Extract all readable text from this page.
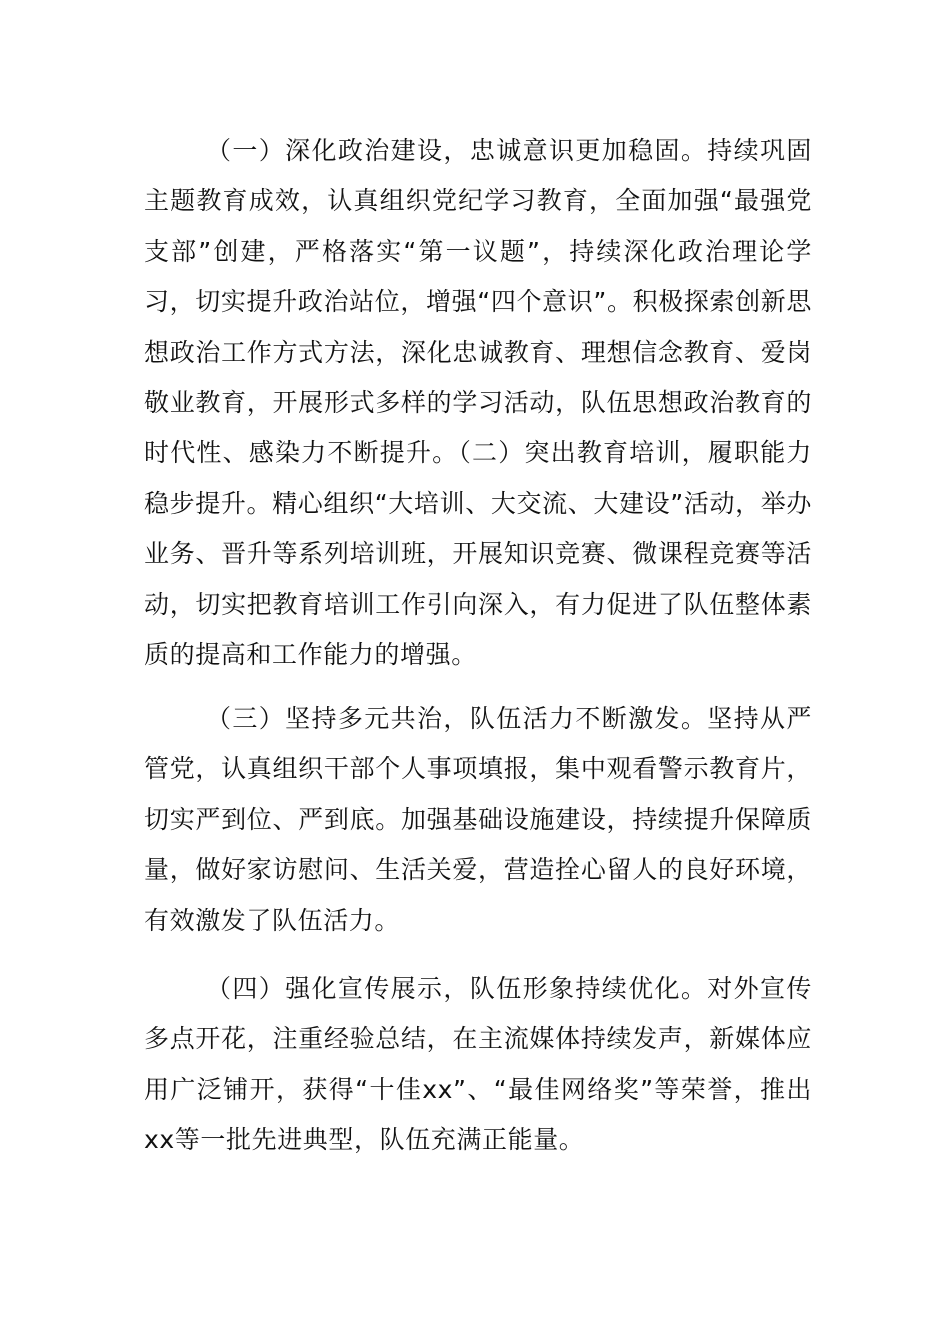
（一）深化政治建设，忠诚意识更加稳固。持续巩固主题教育成效，认真组织党纪学习教育，全面加强“最强党支部”创建，严格落实“第一议题”，持续深化政治理论学习，切实提升政治站位，增强“四个意识”。积极探索创新思想政治工作方式方法，深化忠诚教育、理想信念教育、爱岗敬业教育，开展形式多样的学习活动，队伍思想政治教育的时代性、感染力不断提升。（二）突出教育培训，履职能力稳步提升。精心组织“大培训、大交流、大建设”活动，举办业务、晋升等系列培训班，开展知识竞赛、微课程竞赛等活动，切实把教育培训工作引向深入，有力促进了队伍整体素质的提高和工作能力的增强。

（三）坚持多元共治，队伍活力不断激发。坚持从严管党，认真组织干部个人事项填报，集中观看警示教育片，切实严到位、严到底。加强基础设施建设，持续提升保障质量，做好家访慰问、生活关爱，营造拴心留人的良好环境，有效激发了队伍活力。

（四）强化宣传展示，队伍形象持续优化。对外宣传多点开花，注重经验总结，在主流媒体持续发声，新媒体应用广泛铺开，获得“十佳xx”、“最佳网络奖”等荣誉，推出xx等一批先进典型，队伍充满正能量。
